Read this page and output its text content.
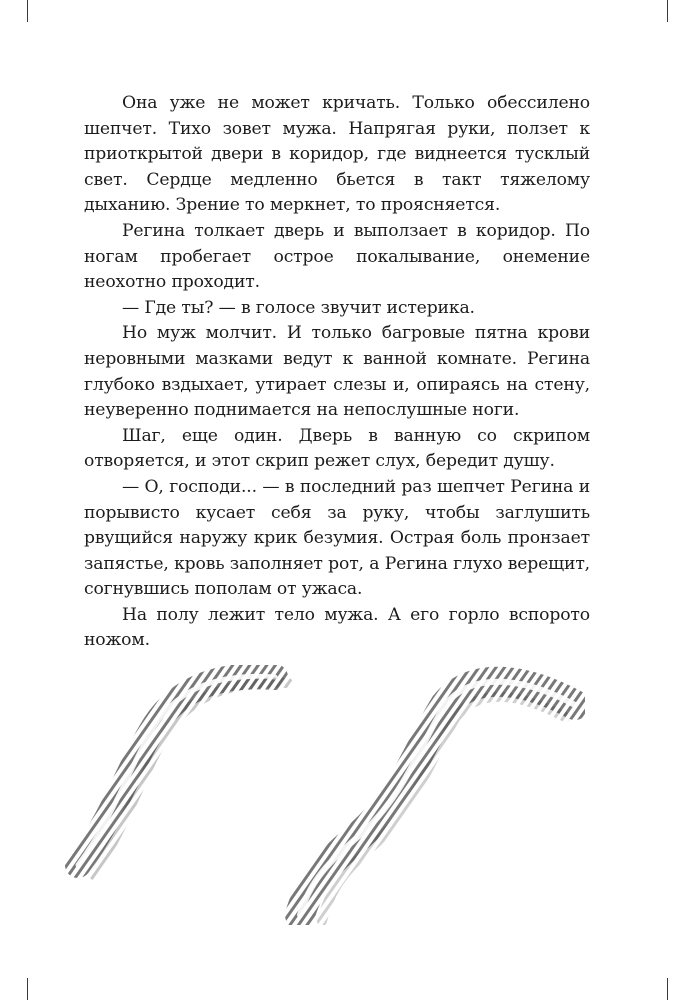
Она уже не может кричать. Только обессилено шепчет. Тихо зовет мужа. Напрягая руки, ползет к приоткрытой двери в коридор, где виднеется тусклый свет. Сердце медленно бьется в такт тяжелому дыханию. Зрение то меркнет, то проясняется.

Регина толкает дверь и выползает в коридор. По ногам пробегает острое покалывание, онемение неохотно проходит.

— Где ты? — в голосе звучит истерика.

Но муж молчит. И только багровые пятна крови неровными мазками ведут к ванной комнате. Регина глубоко вздыхает, утирает слезы и, опираясь на стену, неуверенно поднимается на непослушные ноги.

Шаг, еще один. Дверь в ванную со скрипом отворяется, и этот скрип режет слух, бередит душу.

— О, господи... — в последний раз шепчет Регина и порывисто кусает себя за руку, чтобы заглушить рвущийся наружу крик безумия. Острая боль пронзает запястье, кровь заполняет рот, а Регина глухо верещит, согнувшись пополам от ужаса.

На полу лежит тело мужа. А его горло вспорото ножом.
